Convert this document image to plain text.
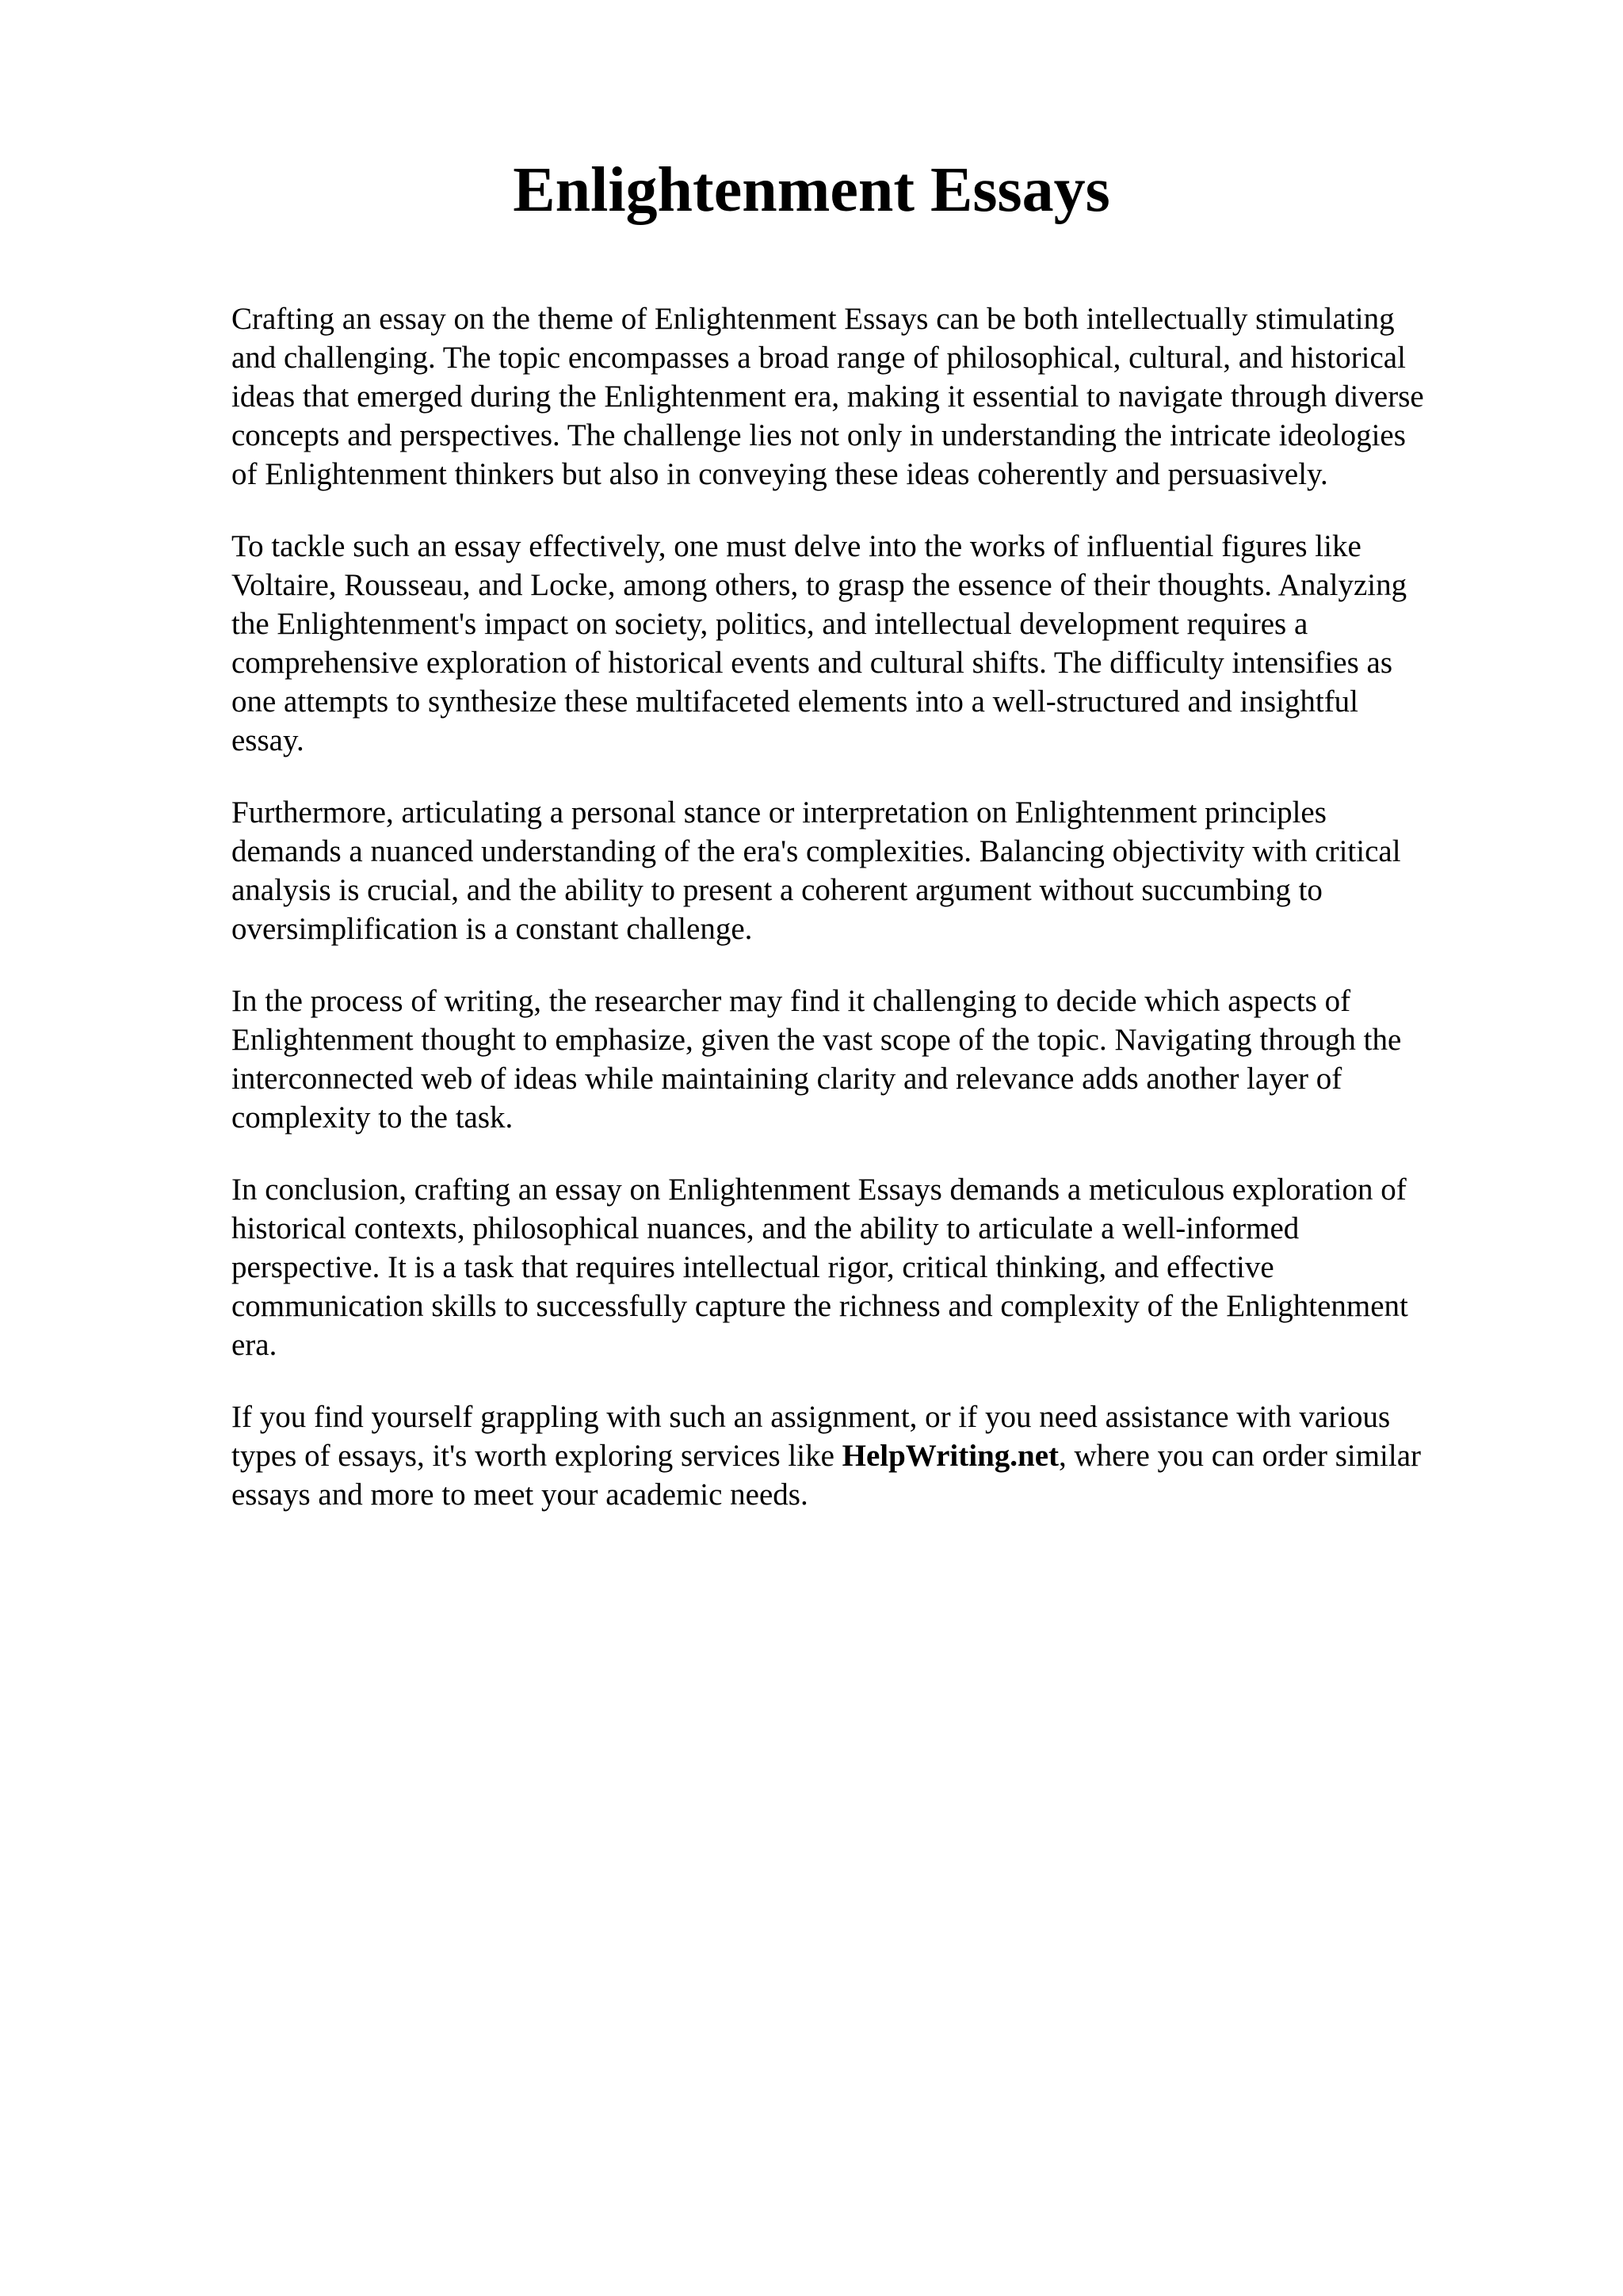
Enlightenment Essays

Crafting an essay on the theme of Enlightenment Essays can be both intellectually stimulating
and challenging. The topic encompasses a broad range of philosophical, cultural, and historical
ideas that emerged during the Enlightenment era, making it essential to navigate through diverse
concepts and perspectives. The challenge lies not only in understanding the intricate ideologies
of Enlightenment thinkers but also in conveying these ideas coherently and persuasively.

To tackle such an essay effectively, one must delve into the works of influential figures like
Voltaire, Rousseau, and Locke, among others, to grasp the essence of their thoughts. Analyzing
the Enlightenment's impact on society, politics, and intellectual development requires a
comprehensive exploration of historical events and cultural shifts. The difficulty intensifies as
one attempts to synthesize these multifaceted elements into a well-structured and insightful
essay.

Furthermore, articulating a personal stance or interpretation on Enlightenment principles
demands a nuanced understanding of the era's complexities. Balancing objectivity with critical
analysis is crucial, and the ability to present a coherent argument without succumbing to
oversimplification is a constant challenge.

In the process of writing, the researcher may find it challenging to decide which aspects of
Enlightenment thought to emphasize, given the vast scope of the topic. Navigating through the
interconnected web of ideas while maintaining clarity and relevance adds another layer of
complexity to the task.

In conclusion, crafting an essay on Enlightenment Essays demands a meticulous exploration of
historical contexts, philosophical nuances, and the ability to articulate a well-informed
perspective. It is a task that requires intellectual rigor, critical thinking, and effective
communication skills to successfully capture the richness and complexity of the Enlightenment
era.

If you find yourself grappling with such an assignment, or if you need assistance with various
types of essays, it's worth exploring services like HelpWriting.net, where you can order similar
essays and more to meet your academic needs.
